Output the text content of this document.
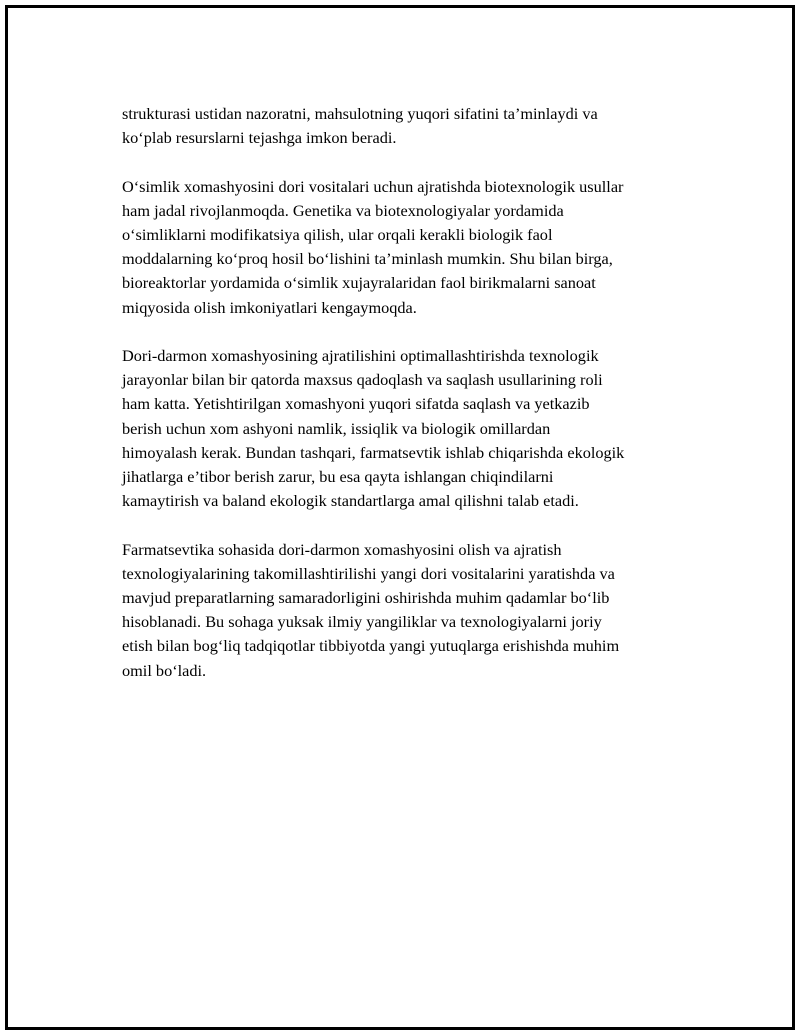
strukturasi ustidan nazoratni, mahsulotning yuqori sifatini ta’minlaydi va
ko‘plab resurslarni tejashga imkon beradi.

O‘simlik xomashyosini dori vositalari uchun ajratishda biotexnologik usullar
ham jadal rivojlanmoqda. Genetika va biotexnologiyalar yordamida
o‘simliklarni modifikatsiya qilish, ular orqali kerakli biologik faol
moddalarning ko‘proq hosil bo‘lishini ta’minlash mumkin. Shu bilan birga,
bioreaktorlar yordamida o‘simlik xujayralaridan faol birikmalarni sanoat
miqyosida olish imkoniyatlari kengaymoqda.

Dori-darmon xomashyosining ajratilishini optimallashtirishda texnologik
jarayonlar bilan bir qatorda maxsus qadoqlash va saqlash usullarining roli
ham katta. Yetishtirilgan xomashyoni yuqori sifatda saqlash va yetkazib
berish uchun xom ashyoni namlik, issiqlik va biologik omillardan
himoyalash kerak. Bundan tashqari, farmatsevtik ishlab chiqarishda ekologik
jihatlarga e’tibor berish zarur, bu esa qayta ishlangan chiqindilarni
kamaytirish va baland ekologik standartlarga amal qilishni talab etadi.

Farmatsevtika sohasida dori-darmon xomashyosini olish va ajratish
texnologiyalarining takomillashtirilishi yangi dori vositalarini yaratishda va
mavjud preparatlarning samaradorligini oshirishda muhim qadamlar bo‘lib
hisoblanadi. Bu sohaga yuksak ilmiy yangiliklar va texnologiyalarni joriy
etish bilan bog‘liq tadqiqotlar tibbiyotda yangi yutuqlarga erishishda muhim
omil bo‘ladi.
